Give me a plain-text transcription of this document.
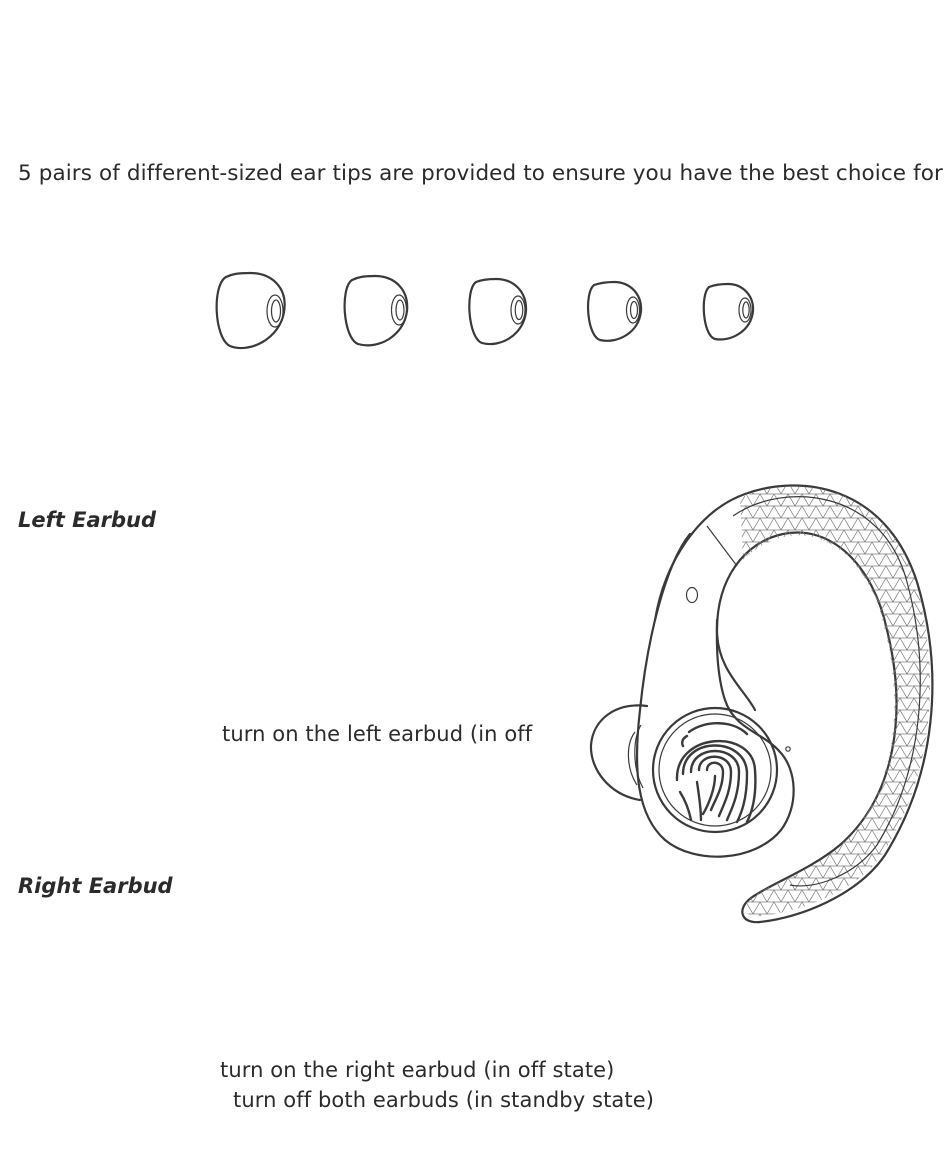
5 pairs of different-sized ear tips are provided to ensure you have the best choice for
Left Earbud
turn on the left earbud (in off
Right Earbud
turn on the right earbud (in off state)
turn off both earbuds (in standby state)
